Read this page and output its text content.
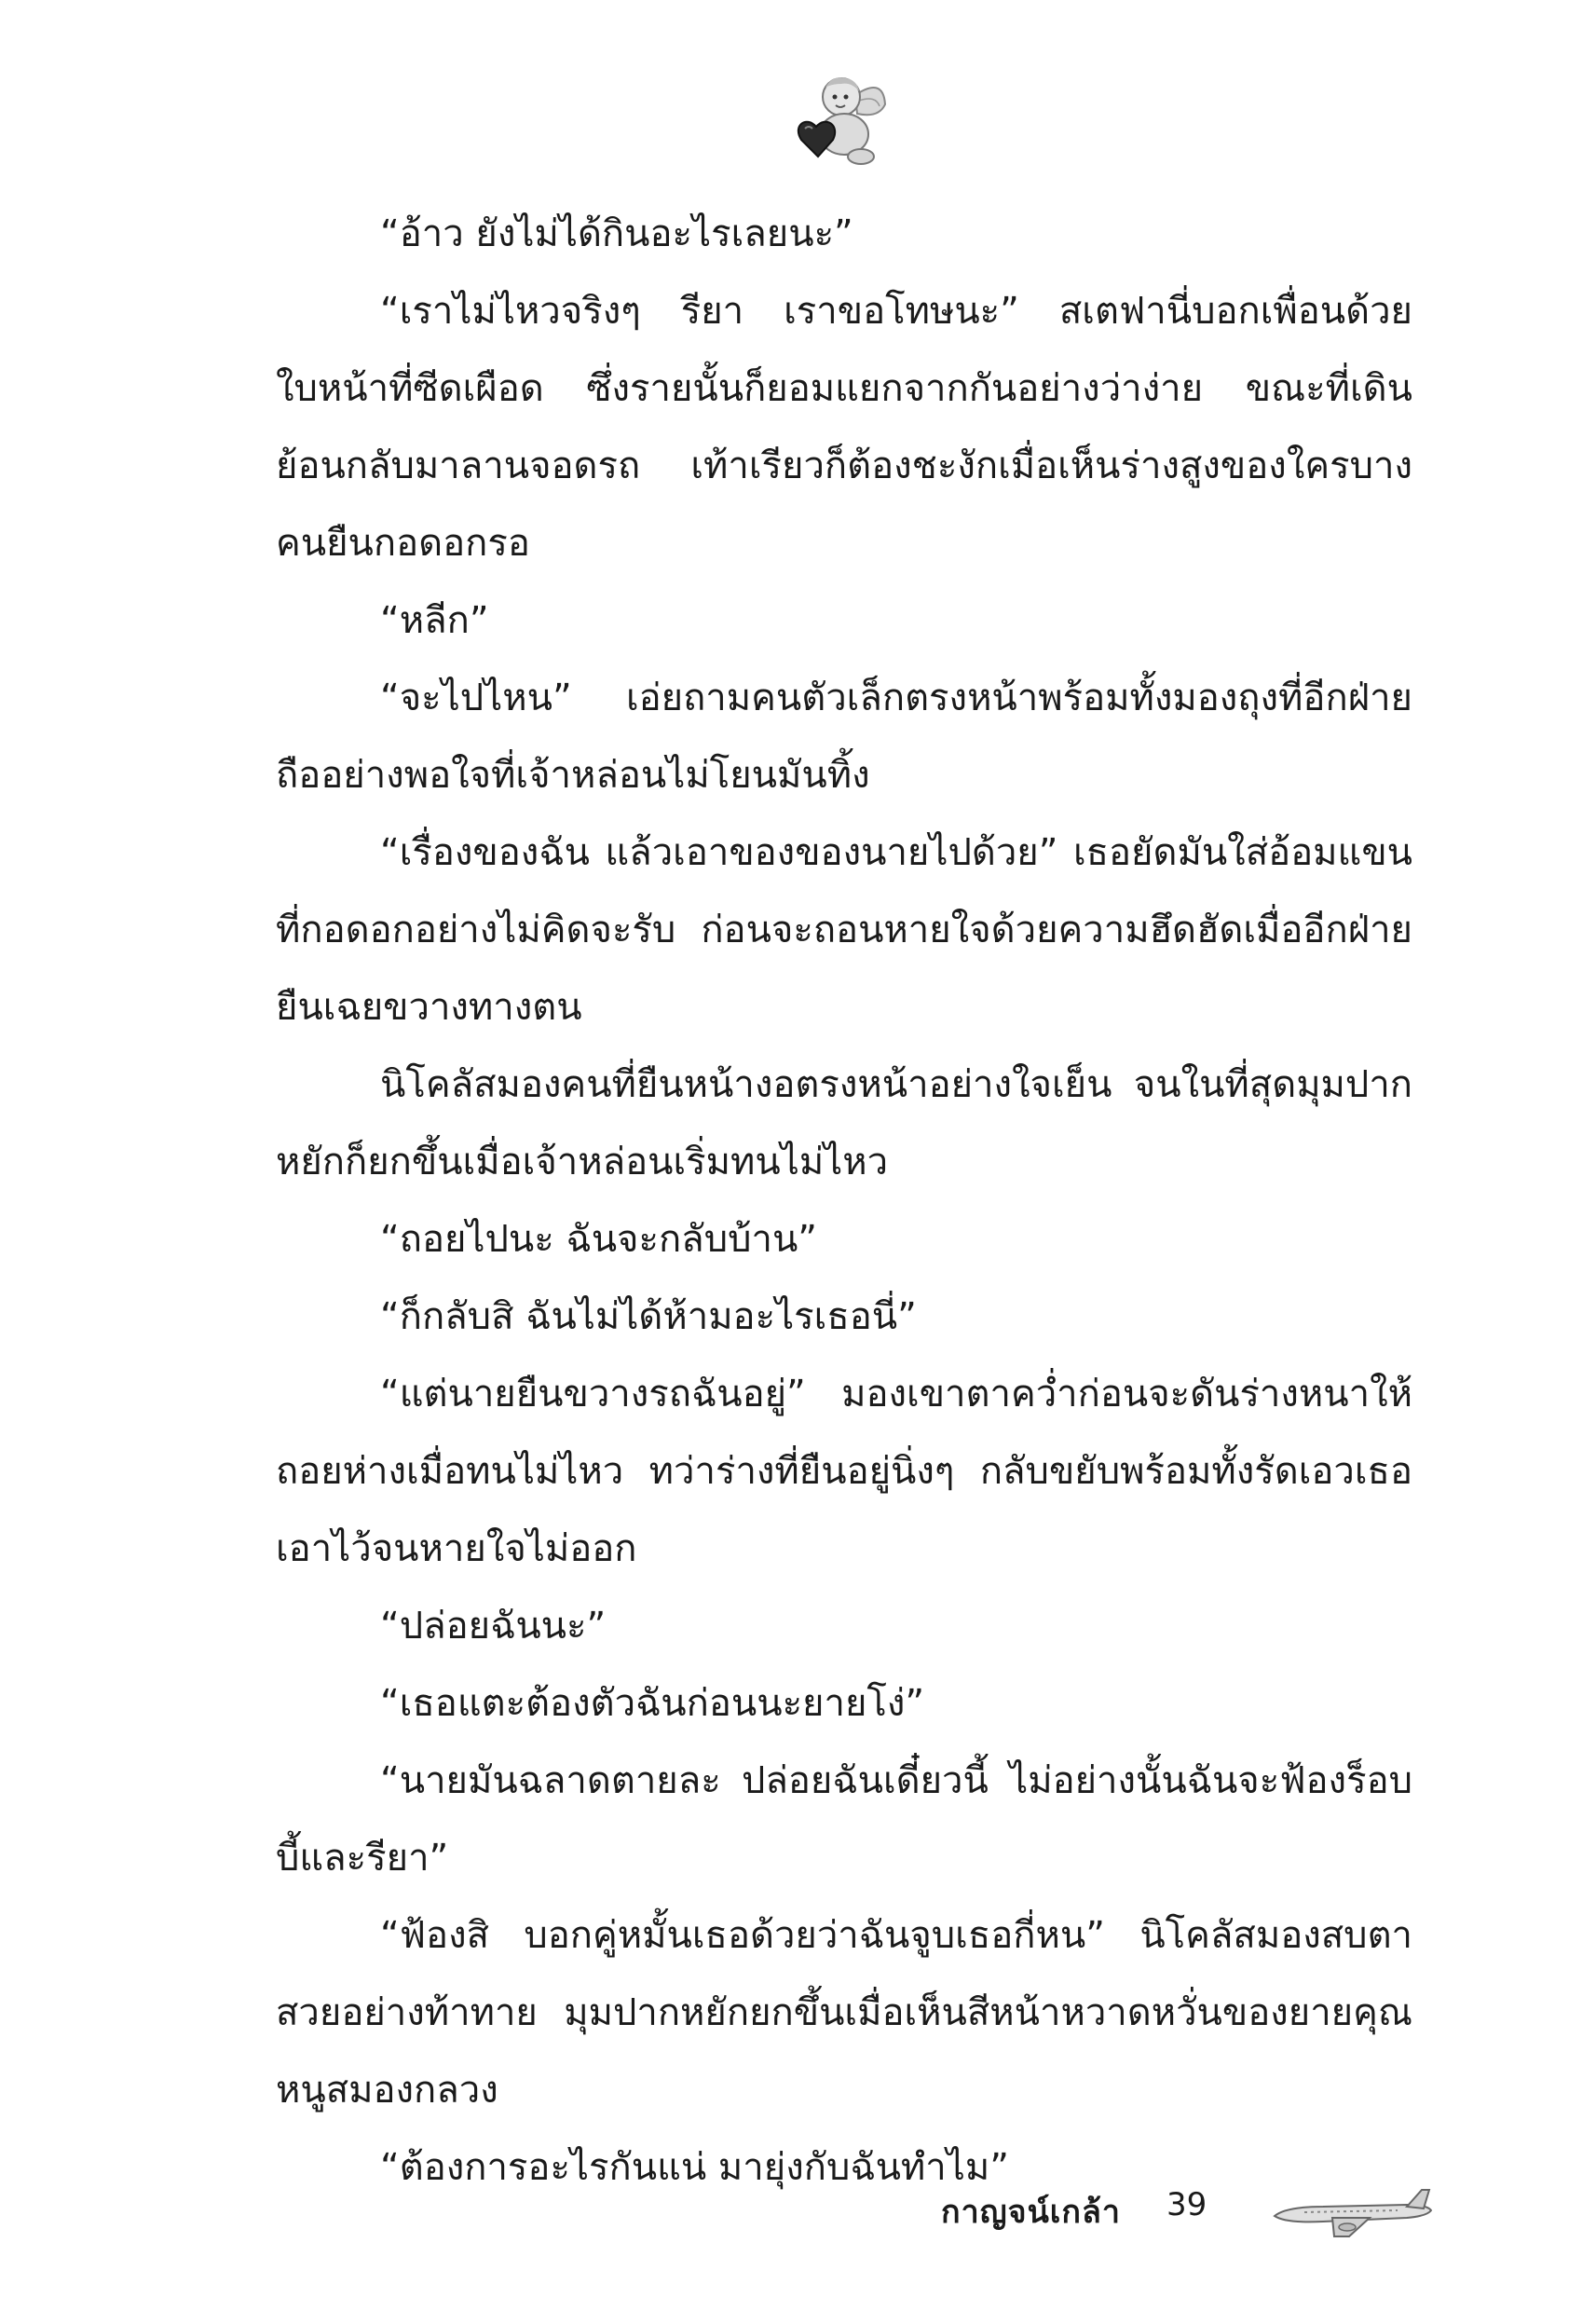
“อ้าว ยังไม่ได้กินอะไรเลยนะ”

“เราไม่ไหวจริงๆ รียา เราขอโทษนะ” สเตฟานี่บอกเพื่อนด้วยใบหน้าที่ซีดเผือด ซึ่งรายนั้นก็ยอมแยกจากกันอย่างว่าง่าย ขณะที่เดินย้อนกลับมาลานจอดรถ เท้าเรียวก็ต้องชะงักเมื่อเห็นร่างสูงของใครบางคนยืนกอดอกรอ

“หลีก”

“จะไปไหน” เอ่ยถามคนตัวเล็กตรงหน้าพร้อมทั้งมองถุงที่อีกฝ่ายถืออย่างพอใจที่เจ้าหล่อนไม่โยนมันทิ้ง

“เรื่องของฉัน แล้วเอาของของนายไปด้วย” เธอยัดมันใส่อ้อมแขนที่กอดอกอย่างไม่คิดจะรับ ก่อนจะถอนหายใจด้วยความฮึดฮัดเมื่ออีกฝ่ายยืนเฉยขวางทางตน

นิโคลัสมองคนที่ยืนหน้างอตรงหน้าอย่างใจเย็น จนในที่สุดมุมปากหยักก็ยกขึ้นเมื่อเจ้าหล่อนเริ่มทนไม่ไหว

“ถอยไปนะ ฉันจะกลับบ้าน”

“ก็กลับสิ ฉันไม่ได้ห้ามอะไรเธอนี่”

“แต่นายยืนขวางรถฉันอยู่” มองเขาตาคว่ำก่อนจะดันร่างหนาให้ถอยห่างเมื่อทนไม่ไหว ทว่าร่างที่ยืนอยู่นิ่งๆ กลับขยับพร้อมทั้งรัดเอวเธอเอาไว้จนหายใจไม่ออก

“ปล่อยฉันนะ”

“เธอแตะต้องตัวฉันก่อนนะยายโง่”

“นายมันฉลาดตายละ ปล่อยฉันเดี๋ยวนี้ ไม่อย่างนั้นฉันจะฟ้องร็อบบี้และรียา”

“ฟ้องสิ บอกคู่หมั้นเธอด้วยว่าฉันจูบเธอกี่หน” นิโคลัสมองสบตาสวยอย่างท้าทาย มุมปากหยักยกขึ้นเมื่อเห็นสีหน้าหวาดหวั่นของยายคุณหนูสมองกลวง

“ต้องการอะไรกันแน่ มายุ่งกับฉันทำไม”

กาญจน์เกล้า 39
